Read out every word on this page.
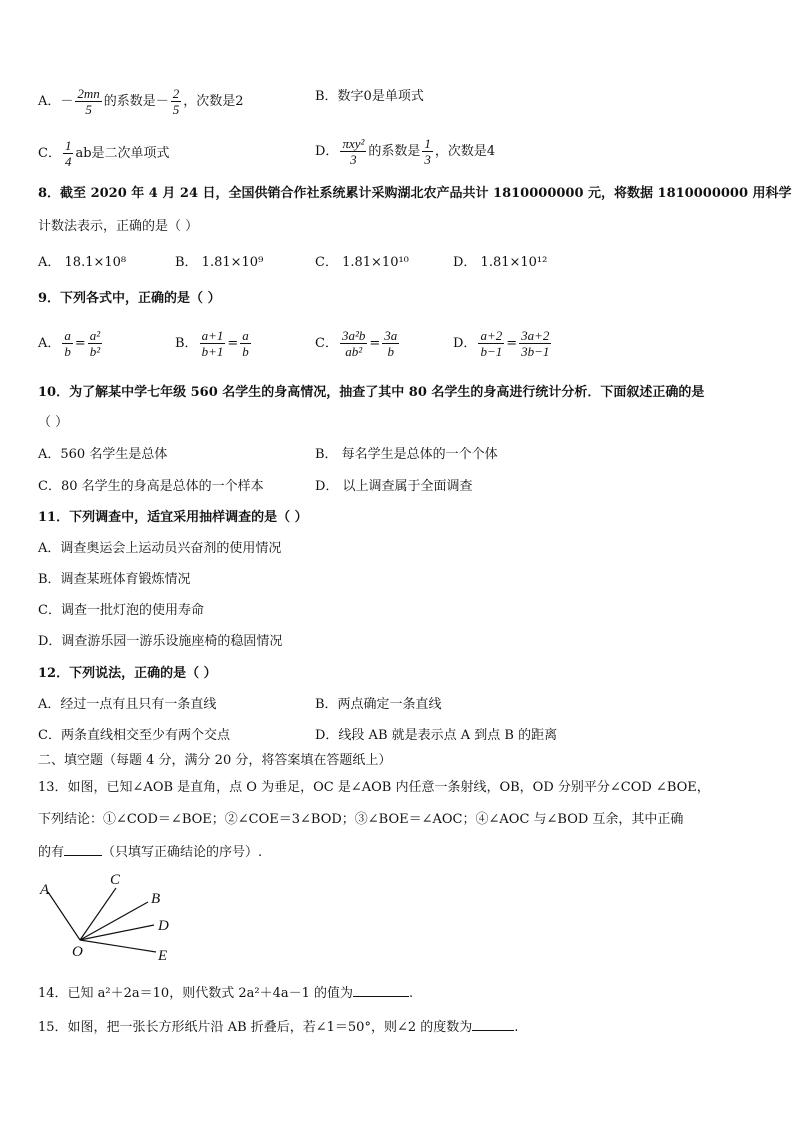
A．－ $\frac{2mn}{5}$ 的系数是－ $\frac{2}{5}$ ，次数是2	B．数字0是单项式
C． $\frac{1}{4}$ ab是二次单项式	D． $\frac{\text{πxy²}}{3}$ 的系数是 $\frac{1}{3}$ ，次数是4
8．截至 2020 年 4 月 24 日，全国供销合作社系统累计采购湖北农产品共计 1810000000 元，将数据 1810000000 用科学
计数法表示，正确的是（ ）
A． 18.1×10⁸	B． 1.81×10⁹	C． 1.81×10¹⁰	D． 1.81×10¹²
9．下列各式中，正确的是（ ）
A． $\frac{a}{b} = \frac{\text{a²}}{\text{b²}}$	B． $\frac{a+1}{b+1} = \frac{a}{b}$	C． $\frac{\text{3a²b}}{\text{ab²}} = \frac{3a}{b}$	D． $\frac{a+2}{b-1} = \frac{3a+2}{3b-1}$
10．为了解某中学七年级 560 名学生的身高情况，抽查了其中 80 名学生的身高进行统计分析．下面叙述正确的是
（ ）
A．560 名学生是总体	B． 每名学生是总体的一个个体
C．80 名学生的身高是总体的一个样本	D． 以上调查属于全面调查
11．下列调查中，适宜采用抽样调查的是（ ）
A．调查奥运会上运动员兴奋剂的使用情况
B．调查某班体育锻炼情况
C．调查一批灯泡的使用寿命
D．调查游乐园一游乐设施座椅的稳固情况
12．下列说法，正确的是（ ）
A．经过一点有且只有一条直线	B．两点确定一条直线
C．两条直线相交至少有两个交点	D．线段 AB 就是表示点 A 到点 B 的距离
二、填空题（每题 4 分，满分 20 分，将答案填在答题纸上）
13．如图，已知∠AOB 是直角，点 O 为垂足，OC 是∠AOB 内任意一条射线，OB，OD 分别平分∠COD ∠BOE，
下列结论：①∠COD＝∠BOE；②∠COE＝3∠BOD；③∠BOE＝∠AOC；④∠AOC 与∠BOD 互余，其中正确
的有	（只填写正确结论的序号）.
A
C
B
D
O	E
14．已知 a²＋2a＝10，则代数式 2a²＋4a－1 的值为	.
15．如图，把一张长方形纸片沿 AB 折叠后，若∠1＝50°，则∠2 的度数为	.
